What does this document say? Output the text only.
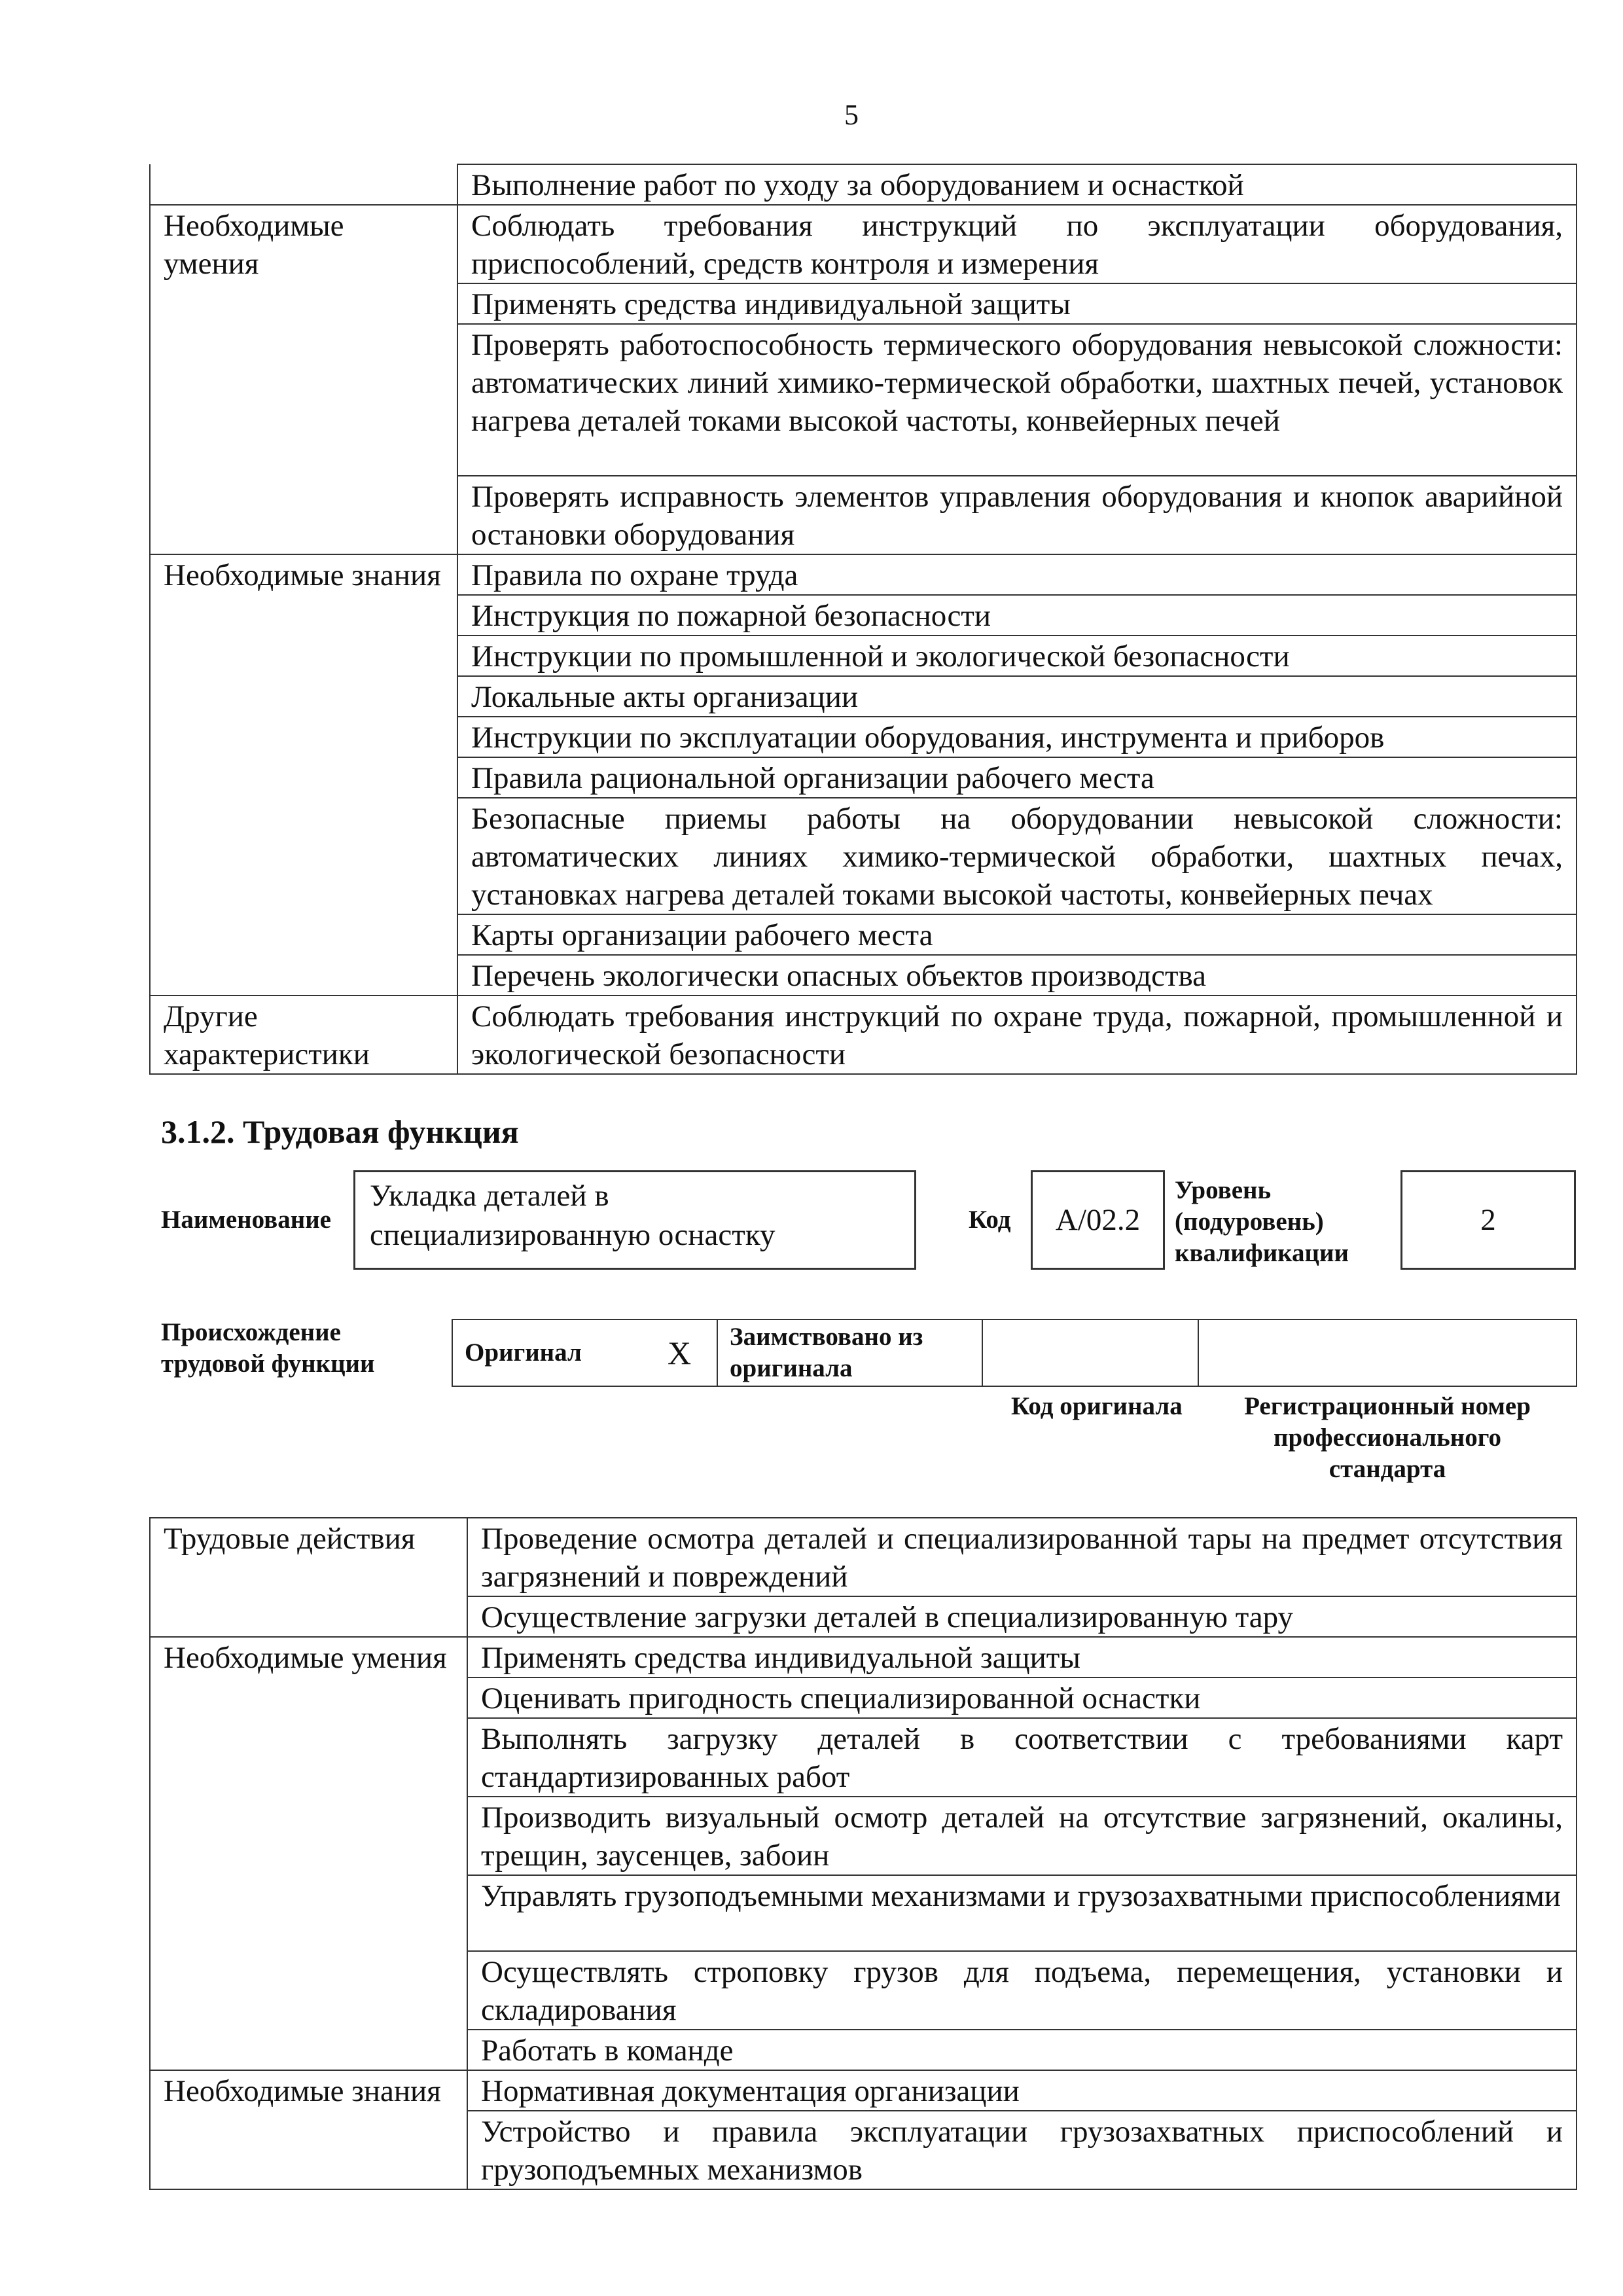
5
	Выполнение работ по уходу за оборудованием и оснасткой
Необходимые умения	Соблюдать требования инструкций по эксплуатации оборудования, приспособлений, средств контроля и измерения
	Применять средства индивидуальной защиты
	Проверять работоспособность термического оборудования невысокой сложности: автоматических линий химико-термической обработки, шахтных печей, установок нагрева деталей токами высокой частоты, конвейерных печей
	Проверять исправность элементов управления оборудования и кнопок аварийной остановки оборудования
Необходимые знания	Правила по охране труда
	Инструкция по пожарной безопасности
	Инструкции по промышленной и экологической безопасности
	Локальные акты организации
	Инструкции по эксплуатации оборудования, инструмента и приборов
	Правила рациональной организации рабочего места
	Безопасные приемы работы на оборудовании невысокой сложности: автоматических линиях химико-термической обработки, шахтных печах, установках нагрева деталей токами высокой частоты, конвейерных печах
	Карты организации рабочего места
	Перечень экологически опасных объектов производства
Другие характеристики	Соблюдать требования инструкций по охране труда, пожарной, промышленной и экологической безопасности
3.1.2. Трудовая функция
Наименование
Укладка деталей в специализированную оснастку	Код	A/02.2
Уровень (подуровень) квалификации
2
Происхождение трудовой функции	Оригинал	X	Заимствовано из оригинала		
Код оригинала Регистрационный номер профессионального стандарта
Трудовые действия	Проведение осмотра деталей и специализированной тары на предмет отсутствия загрязнений и повреждений
	Осуществление загрузки деталей в специализированную тару
Необходимые умения	Применять средства индивидуальной защиты
	Оценивать пригодность специализированной оснастки
	Выполнять загрузку деталей в соответствии с требованиями карт стандартизированных работ
	Производить визуальный осмотр деталей на отсутствие загрязнений, окалины, трещин, заусенцев, забоин
	Управлять грузоподъемными механизмами и грузозахватными приспособлениями
	Осуществлять строповку грузов для подъема, перемещения, установки и складирования
	Работать в команде
Необходимые знания	Нормативная документация организации
	Устройство и правила эксплуатации грузозахватных приспособлений и грузоподъемных механизмов
